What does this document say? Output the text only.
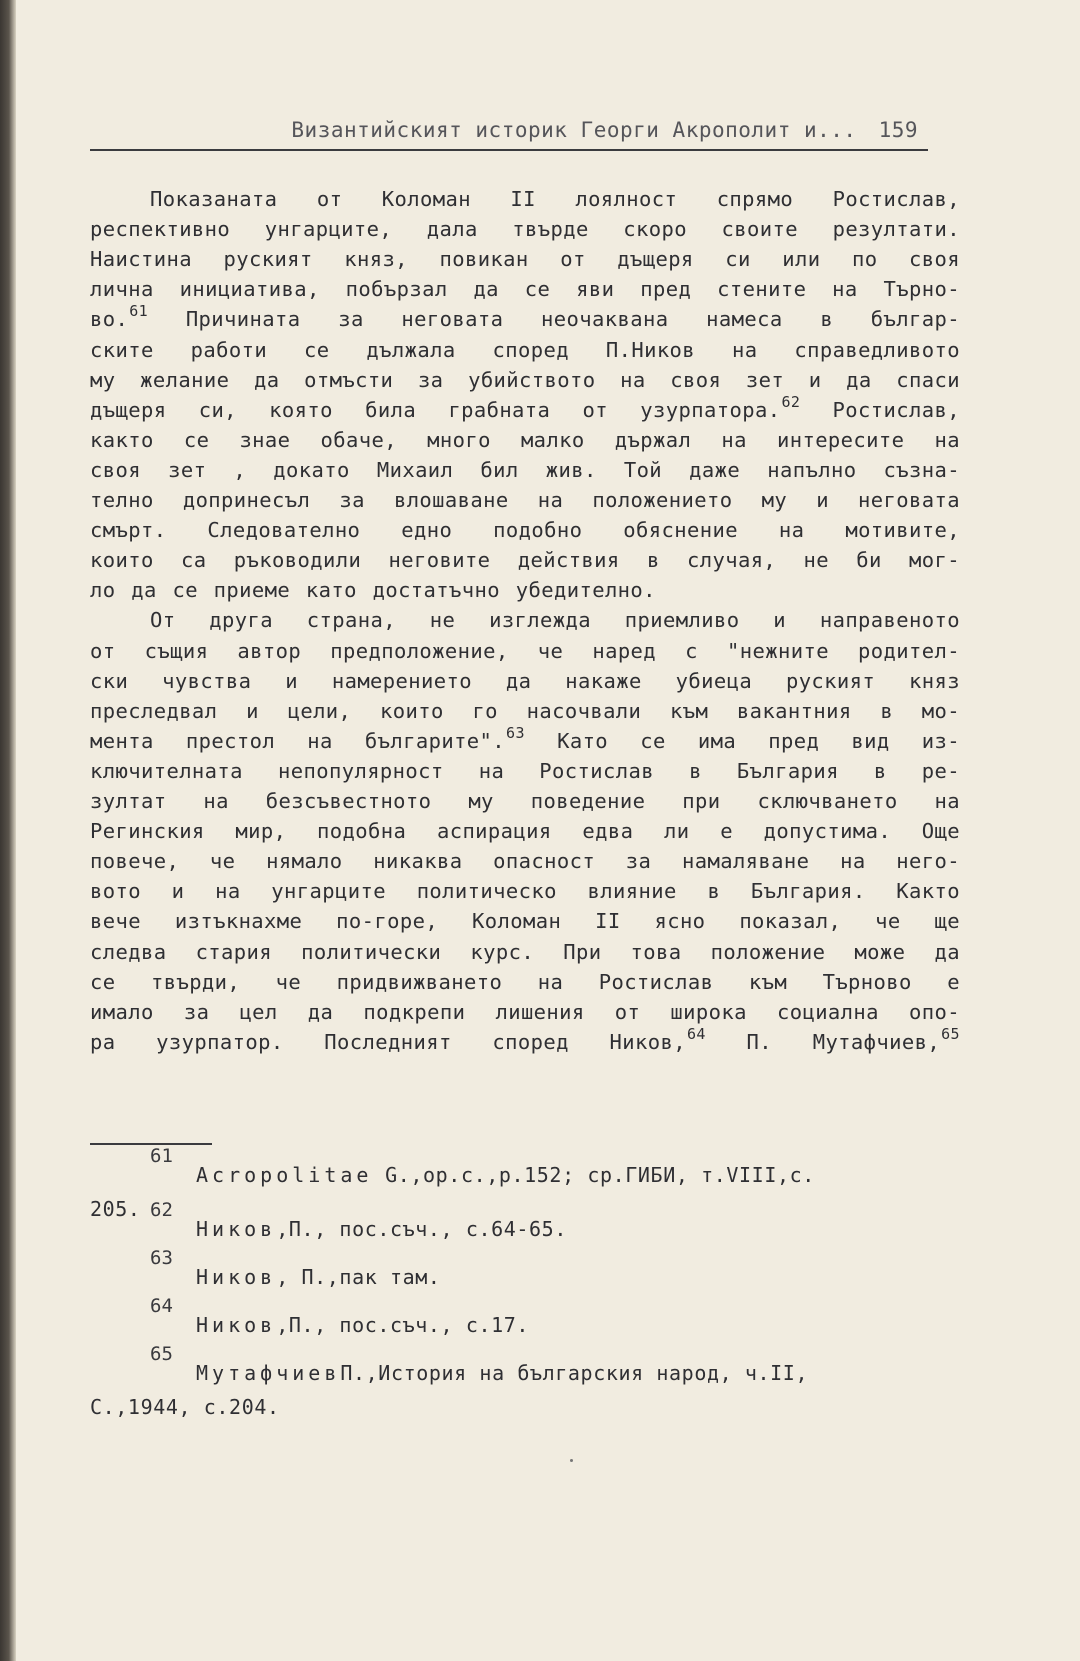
Византийският историк Георги Акрополит и... 159
Показаната от Коломан II лоялност спрямо Ростислав,
респективно унгарците, дала твърде скоро своите резултати.
Наистина руският княз, повикан от дъщеря си или по своя
лична инициатива, побързал да се яви пред стените на Търно-
во.$^{61}$ Причината за неговата неочаквана намеса в българ-
ските работи се дължала според П.Ников на справедливото
му желание да отмъсти за убийството на своя зет и да спаси
дъщеря си, която била грабната от узурпатора.$^{62}$ Ростислав,
както се знае обаче, много малко държал на интересите на
своя зет , докато Михаил бил жив. Той даже напълно съзна-
телно допринесъл за влошаване на положението му и неговата
смърт. Следователно едно подобно обяснение на мотивите,
които са ръководили неговите действия в случая, не би мог-
ло да се приеме като достатъчно убедително.
От друга страна, не изглежда приемливо и направеното
от същия автор предположение, че наред с "нежните родител-
ски чувства и намерението да накаже убиеца руският княз
преследвал и цели, които го насочвали към вакантния в мо-
мента престол на българите".$^{63}$ Като се има пред вид из-
ключителната непопулярност на Ростислав в България в ре-
зултат на безсъвестното му поведение при сключването на
Регинския мир, подобна аспирация едва ли е допустима. Още
повече, че нямало никаква опасност за намаляване на него-
вото и на унгарците политическо влияние в България. Както
вече изтъкнахме по-горе, Коломан II ясно показал, че ще
следва стария политически курс. При това положение може да
се твърди, че придвижването на Ростислав към Търново е
имало за цел да подкрепи лишения от широка социална опо-
ра узурпатор. Последният според Ников,$^{64}$ П. Мутафчиев,$^{65}$
61
Acropolitae G.,op.c.,p.152; ср.ГИБИ, т.VIII,с.
205. 62
Ников,П., пос.съч., с.64-65.
63
Ников, П.,пак там.
64
Ников,П., пос.съч., с.17.
65
МутафчиевП.,История на българския народ, ч.II,
С.,1944, с.204.
